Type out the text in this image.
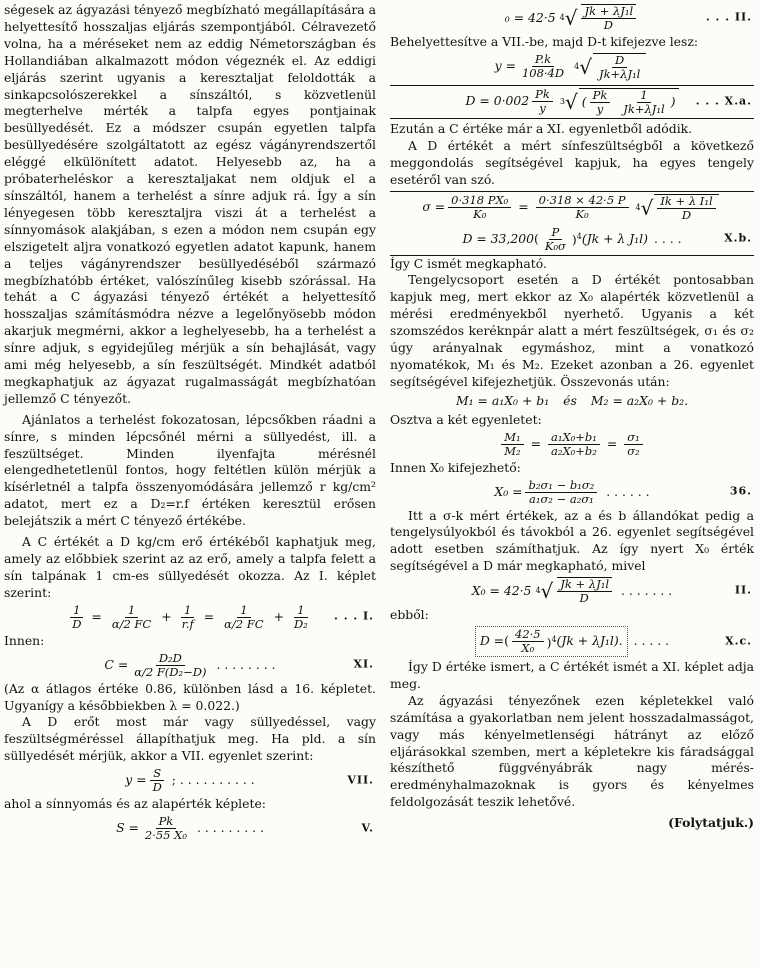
ségesek az ágyazási tényező megbízható megállapítására a helyettesítő hosszaljas eljárás szempontjából. Célravezető volna, ha a méréseket nem az eddig Németországban és Hollandiában alkalmazott módon végeznék el. Az eddigi eljárás szerint ugyanis a keresztaljat feloldották a sinkapcsolószerekkel a sínszáltól, s közvetlenül megterhelve mérték a talpfa egyes pontjainak besüllyedését. Ez a módszer csupán egyetlen talpfa besüllyedésére szolgáltatott az egész vágányrendszertől eléggé elkülönített adatot. Helyesebb az, ha a próbaterheléskor a keresztaljakat nem oldjuk el a sínszáltól, hanem a terhelést a sínre adjuk rá. Így a sín lényegesen több keresztaljra viszi át a terhelést a sínnyomások alakjában, s ezen a módon nem csupán egy elszigetelt aljra vonatkozó egyetlen adatot kapunk, hanem a teljes vágányrendszer besüllyedéséből származó megbízhatóbb értéket, valószínűleg kisebb szórással. Ha tehát a C ágyazási tényező értékét a helyettesítő hosszaljas számításmódra nézve a legelőnyösebb módon akarjuk megmérni, akkor a leghelyesebb, ha a terhelést a sínre adjuk, s egyidejűleg mérjük a sín behajlását, vagy ami még helyesebb, a sín feszültségét. Mindkét adatból megkaphatjuk az ágyazat rugalmasságát megbízhatóan jellemző C tényezőt.

Ajánlatos a terhelést fokozatosan, lépcsőkben ráadni a sínre, s minden lépcsőnél mérni a süllyedést, ill. a feszültséget. Minden ilyenfajta mérésnél elengedhetetlenül fontos, hogy feltétlen külön mérjük a kísérletnél a talpfa összenyomódására jellemző r kg/cm² adatot, mert ez a D₂=r.f értéken keresztül erősen belejátszik a mért C tényező értékébe.

A C értékét a D kg/cm erő értékéből kaphatjuk meg, amely az előbbiek szerint az az erő, amely a talpfa felett a sín talpának 1 cm-es süllyedését okozza. Az I. képlet szerint:

$\frac{1}{D} = \frac{1}{\alpha/2 FC} + \frac{1}{r.f} = \frac{1}{\alpha/2 FC} + \frac{1}{\text{D₂}}$ . . . I.

Innen:

$C = \frac{\text{D₂D}}{\text{α/2 F(D₂−D)}}$ . . . . . . . .	XI.

(Az α átlagos értéke 0.86, különben lásd a 16. képletet. Ugyanígy a későbbiekben λ = 0.022.)

A D erőt most már vagy süllyedéssel, vagy feszültségméréssel állapíthatjuk meg. Ha pld. a sín süllyedését mérjük, akkor a VII. egyenlet szerint:

$y = \frac{S}{D}$ ; . . . . . . . . . .	VII.

ahol a sínnyomás és az alapérték képlete:

$S = \frac{Pk}{\text{2·55 X₀}}$ . . . . . . . . .	V.
₀ = 42·5 $^4√ \frac{\text{Jk + λJ₁l}}{D}$	. . . II.

Behelyettesítve a VII.-be, majd D-t kifejezve lesz:

$y = \frac{P.k}{108\cdot 4D} ^4√ \frac{D}{\text{Jk+λJ₁l}}$
$D = 0\cdot 002 \frac{Pk}{y} ^3√$ ( $\frac{Pk}{y}$
$\frac{1}{\text{Jk+λJ₁l}}$ ) . . . X.a.

Ezután a C értéke már a XI. egyenletből adódik.

A D értékét a mért sínfeszültségből a következő meggondolás segítségével kapjuk, ha egyes tengely esetéről van szó.

$\sigma = \frac{\text{0·318 PX₀}}{\text{K₀}} = \frac{0\cdot 318 \times 42\cdot 5 P}{\text{K₀}} ^4√ \frac{\text{Ik + λ I₁l}}{D}$
D = 33,200 ( $\frac{P}{\text{K₀σ}} )^4$ (Jk + λ J₁l) . . . .	X.b.

Így C ismét megkapható.

Tengelycsoport esetén a D értékét pontosabban kapjuk meg, mert ekkor az X₀ alapérték közvetlenül a mérési eredményekből nyerhető. Ugyanis a két szomszédos keréknpár alatt a mért feszültségek, σ₁ és σ₂ úgy arányalnak egymáshoz, mint a vonatkozó nyomatékok, M₁ és M₂. Ezeket azonban a 26. egyenlet segítségével kifejezhetjük. Összevonás után:

M₁ = a₁X₀ + b₁ és M₂ = a₂X₀ + b₂.

Osztva a két egyenletet:

$\frac{\text{M₁}}{\text{M₂}} = \frac{\text{a₁X₀+b₁}}{\text{a₂X₀+b₂}} = \frac{\text{σ₁}}{\text{σ₂}}$

Innen X₀ kifejezhető:

$X_0 = \frac{\text{b₂σ₁ − b₁σ₂}}{\text{a₁σ₂ − a₂σ₁}}$ . . . . . .	36.

Itt a σ-k mért értékek, az a és b állandókat pedig a tengelysúlyokból és távokból a 26. egyenlet segítségével adott esetben számíthatjuk. Az így nyert X₀ érték segítségével a D már megkapható, mivel

X₀ = 42·5 $^4√ \frac{\text{Jk + λJ₁l}}{D}$ . . . . . . .	II.

ebből:

D = ( $\frac{42\cdot 5}{\text{X₀}} )^4$ (Jk + λJ₁l). . . . . .	X.c.

Így D értéke ismert, a C értékét ismét a XI. képlet adja meg.

Az ágyazási tényezőnek ezen képletekkel való számítása a gyakorlatban nem jelent hosszadalmasságot, vagy más kényelmetlenségi hátrányt az előző eljárásokkal szemben, mert a képletekre kis fáradsággal készíthető függvényábrák nagy mérés-eredményhalmazoknak is gyors és kényelmes feldolgozását teszik lehetővé.

(Folytatjuk.)
